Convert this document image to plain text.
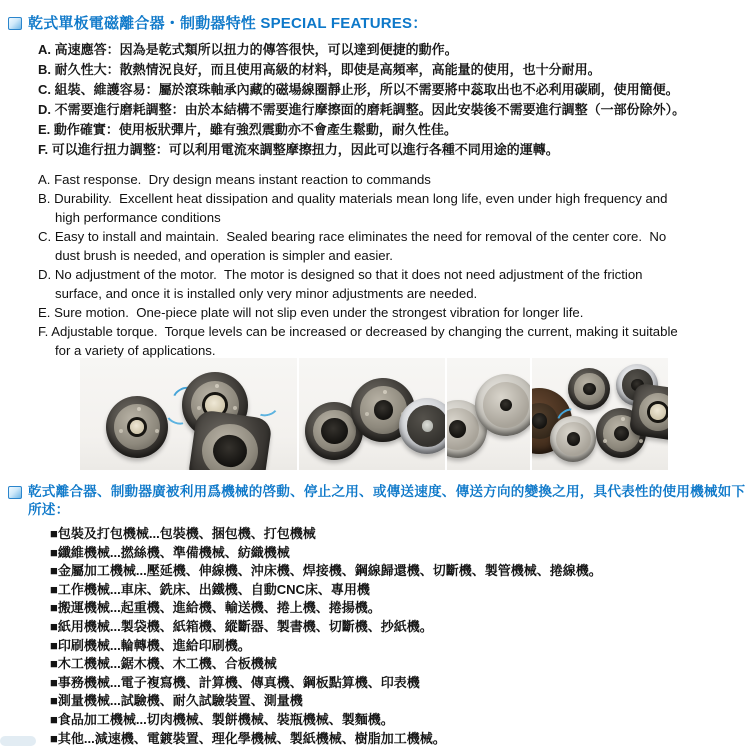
乾式單板電磁離合器・制動器特性 SPECIAL FEATURES：
A. 高速應答：因為是乾式類所以扭力的傳答很快，可以達到便捷的動作。
B. 耐久性大：散熱情況良好，而且使用高級的材料，即使是高頻率，高能量的使用，也十分耐用。
C. 組裝、維護容易：屬於滾珠軸承內藏的磁場線圈靜止形，所以不需要將中蕊取出也不必利用碳刷，使用簡便。
D. 不需要進行磨耗調整：由於本結構不需要進行摩擦面的磨耗調整。因此安裝後不需要進行調整（一部份除外）。
E. 動作確實：使用板狀彈片，雖有強烈震動亦不會產生鬆動，耐久性佳。
F. 可以進行扭力調整：可以利用電流來調整摩擦扭力，因此可以進行各種不同用途的運轉。
A. Fast response.  Dry design means instant reaction to commands
B. Durability.  Excellent heat dissipation and quality materials mean long life, even under high frequency and high performance conditions
C. Easy to install and maintain.  Sealed bearing race eliminates the need for removal of the center core.  No dust brush is needed, and operation is simpler and easier.
D. No adjustment of the motor.  The motor is designed so that it does not need adjustment of the friction surface, and once it is installed only very minor adjustments are needed.
E. Sure motion.  One-piece plate will not slip even under the strongest vibration for longer life.
F. Adjustable torque.  Torque levels can be increased or decreased by changing the current, making it suitable for a variety of applications.
乾式離合器、制動器廣被利用爲機械的啓動、停止之用、或傳送速度、傳送方向的變換之用，具代表性的使用機械如下所述：
■包裝及打包機械...包裝機、捆包機、打包機械
■纖維機械...撚絲機、準備機械、紡織機械
■金屬加工機械...壓延機、伸線機、沖床機、焊接機、鋼線歸還機、切斷機、製管機械、捲線機。
■工作機械...車床、銑床、出鐵機、自動CNC床、專用機
■搬運機械...起重機、進給機、輸送機、捲上機、捲揚機。
■紙用機械...製袋機、紙箱機、縱斷器、製書機、切斷機、抄紙機。
■印刷機械...輪轉機、進給印刷機。
■木工機械...鋸木機、木工機、合板機械
■事務機械...電子複寫機、計算機、傳真機、鋼板點算機、印表機
■測量機械...試驗機、耐久試驗裝置、測量機
■食品加工機械...切肉機械、製餅機械、裝瓶機械、製麵機。
■其他...減速機、電鍍裝置、理化學機械、製紙機械、樹脂加工機械。
